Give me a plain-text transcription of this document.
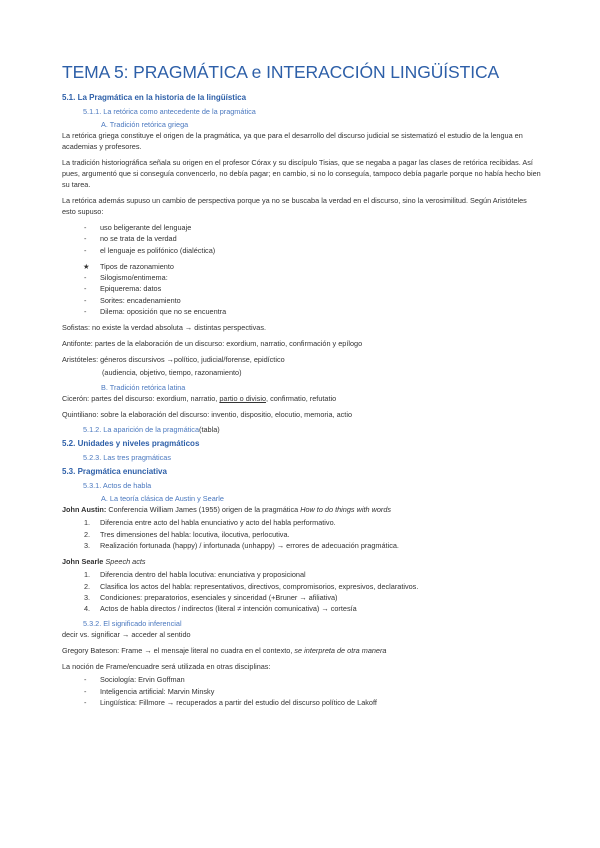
TEMA 5: PRAGMÁTICA e INTERACCIÓN LINGÜÍSTICA
5.1. La Pragmática en la historia de la lingüística
5.1.1. La retórica como antecedente de la pragmática
A. Tradición retórica griega
La retórica griega constituye el origen de la pragmática, ya que para el desarrollo del discurso judicial se sistematizó el estudio de la lengua en academias y profesores.
La tradición historiográfica señala su origen en el profesor Córax y su discípulo Tisias, que se negaba a pagar las clases de retórica recibidas. Así pues, argumentó que si conseguía convencerlo, no debía pagar; en cambio, si no lo conseguía, tampoco debía pagarle porque no había hecho bien su tarea.
La retórica además supuso un cambio de perspectiva porque ya no se buscaba la verdad en el discurso, sino la verosimilitud. Según Aristóteles esto supuso:
- uso beligerante del lenguaje
- no se trata de la verdad
- el lenguaje es polifónico (dialéctica)
★ Tipos de razonamiento
- Silogismo/entimema:
- Epiquerema: datos
- Sorites: encadenamiento
- Dilema: oposición que no se encuentra
Sofistas: no existe la verdad absoluta → distintas perspectivas.
Antifonte: partes de la elaboración de un discurso: exordium, narratio, confirmación y epílogo
Aristóteles: géneros discursivos →político, judicial/forense, epidíctico
(audiencia, objetivo, tiempo, razonamiento)
B. Tradición retórica latina
Cicerón: partes del discurso: exordium, narratio, partio o divisio, confirmatio, refutatio
Quintiliano: sobre la elaboración del discurso: inventio, dispositio, elocutio, memoria, actio
5.1.2. La aparición de la pragmática(tabla)
5.2. Unidades y niveles pragmáticos
5.2.3. Las tres pragmáticas
5.3. Pragmática enunciativa
5.3.1. Actos de habla
A. La teoría clásica de Austin y Searle
John Austin: Conferencia William James (1955) origen de la pragmática How to do things with words
1. Diferencia entre acto del habla enunciativo y acto del habla performativo.
2. Tres dimensiones del habla: locutiva, ilocutiva, perlocutiva.
3. Realización fortunada (happy) / infortunada (unhappy) → errores de adecuación pragmática.
John Searle Speech acts
1. Diferencia dentro del habla locutiva: enunciativa y proposicional
2. Clasifica los actos del habla: representativos, directivos, compromisorios, expresivos, declarativos.
3. Condiciones: preparatorios, esenciales y sinceridad (+Bruner → afiliativa)
4. Actos de habla directos / indirectos (literal ≠ intención comunicativa) → cortesía
5.3.2. El significado inferencial
decir vs. significar → acceder al sentido
Gregory Bateson: Frame → el mensaje literal no cuadra en el contexto, se interpreta de otra manera
La noción de Frame/encuadre será utilizada en otras disciplinas:
- Sociología: Ervin Goffman
- Inteligencia artificial: Marvin Minsky
- Lingüística: Fillmore → recuperados a partir del estudio del discurso político de Lakoff
